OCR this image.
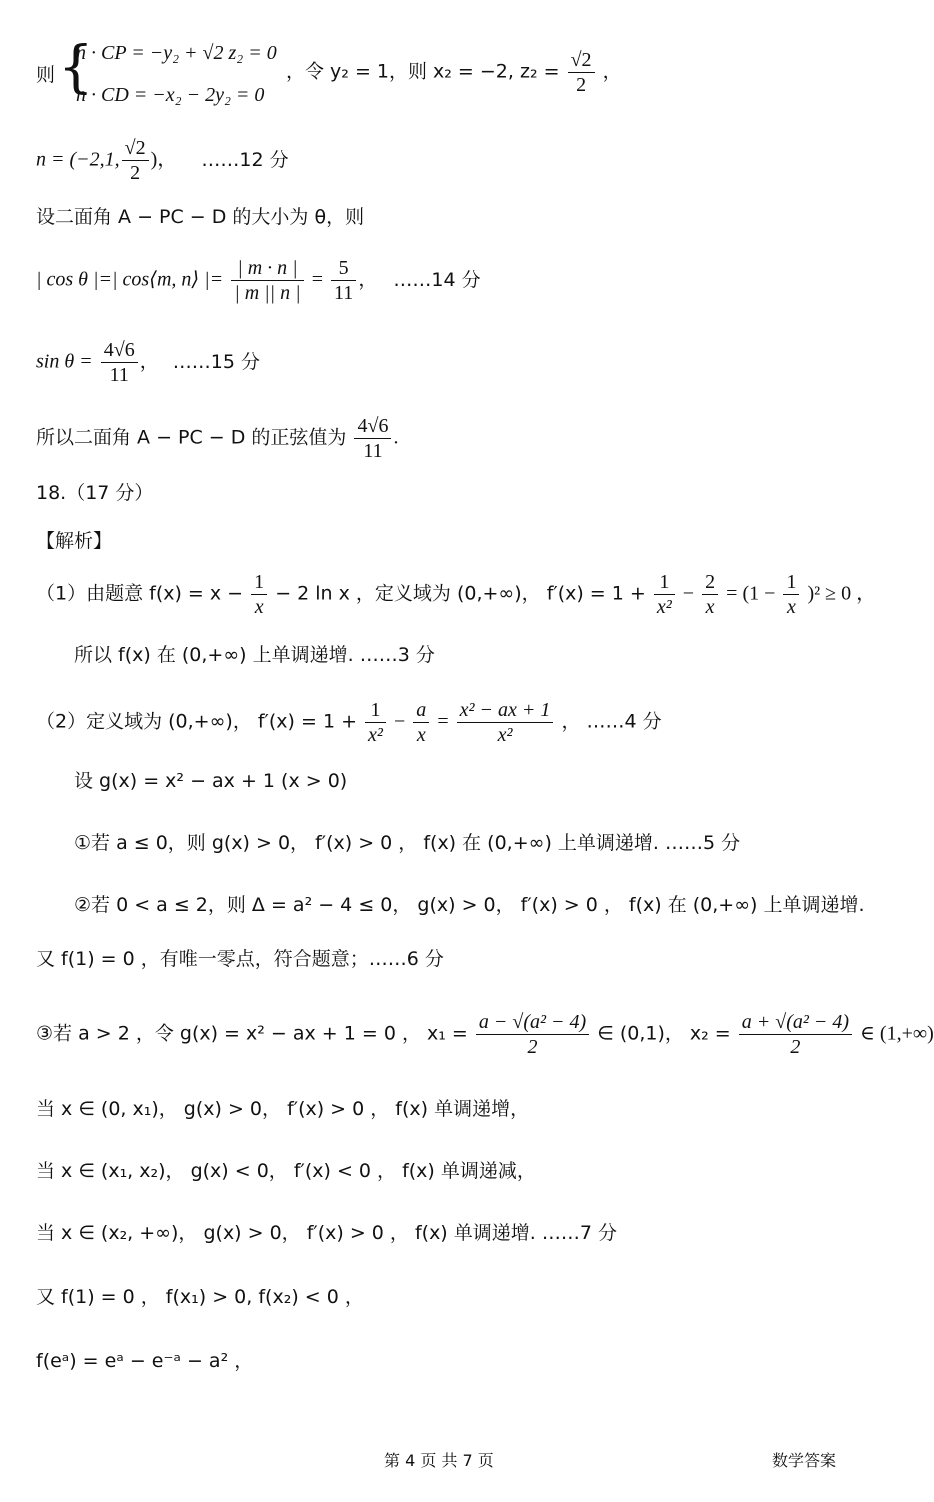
则 {
n · CP = −y₂ + √2 z₂ = 0
n · CD = −x₂ − 2y₂ = 0
，令 y₂ = 1，则 x₂ = −2, $z_2 = \frac{√2}{2}$ ，
n = (−2,1, $\frac{√2}{2}$ )， ……12 分
设二面角 A − PC − D 的大小为 θ，则
| cos θ |=| cos⟨m, n⟩ |= $\frac{| m \cdot n |}{| m || n |} = \frac{5}{11}$ ， ……14 分
$\sin \theta = \frac{4√6}{11}$ ， ……15 分
所以二面角 A − PC − D 的正弦值为 $\frac{4√6}{11}$ .
18.（17 分）
【解析】
（1）由题意 $f(x) = x - \frac{1}{x} - 2$ ln x ，定义域为 (0,+∞)， $f'(x) = 1 + \frac{1}{\text{x²}} - \frac{2}{x} = (1 - \frac{1}{x} )^2 \ge 0$ ，
所以 f(x) 在 (0,+∞) 上单调递增. ……3 分
（2）定义域为 (0,+∞)， $f'(x) = 1 + \frac{1}{\text{x²}} - \frac{a}{x} = \frac{\text{x² − ax + 1}}{\text{x²}}$ ， ……4 分
设 g(x) = x² − ax + 1 (x > 0)
①若 a ≤ 0，则 g(x) > 0， f′(x) > 0 ， f(x) 在 (0,+∞) 上单调递增. ……5 分
②若 0 < a ≤ 2，则 Δ = a² − 4 ≤ 0， g(x) > 0， f′(x) > 0 ， f(x) 在 (0,+∞) 上单调递增.
又 f(1) = 0 ，有唯一零点，符合题意；……6 分
③若 a > 2 ，令 g(x) = x² − ax + 1 = 0 ， $x_1 = \frac{\text{a − √(a² − 4)}}{2}$ ∈ (0,1)， $x_2 = \frac{\text{a + √(a² − 4)}}{2}$ ∈ (1,+∞)
当 x ∈ (0, x₁)， g(x) > 0， f′(x) > 0 ， f(x) 单调递增，
当 x ∈ (x₁, x₂)， g(x) < 0， f′(x) < 0 ， f(x) 单调递减，
当 x ∈ (x₂, +∞)， g(x) > 0， f′(x) > 0 ， f(x) 单调递增. ……7 分
又 f(1) = 0 ， f(x₁) > 0, f(x₂) < 0 ，
f(eᵃ) = eᵃ − e⁻ᵃ − a² ，
第 4 页 共 7 页	数学答案
